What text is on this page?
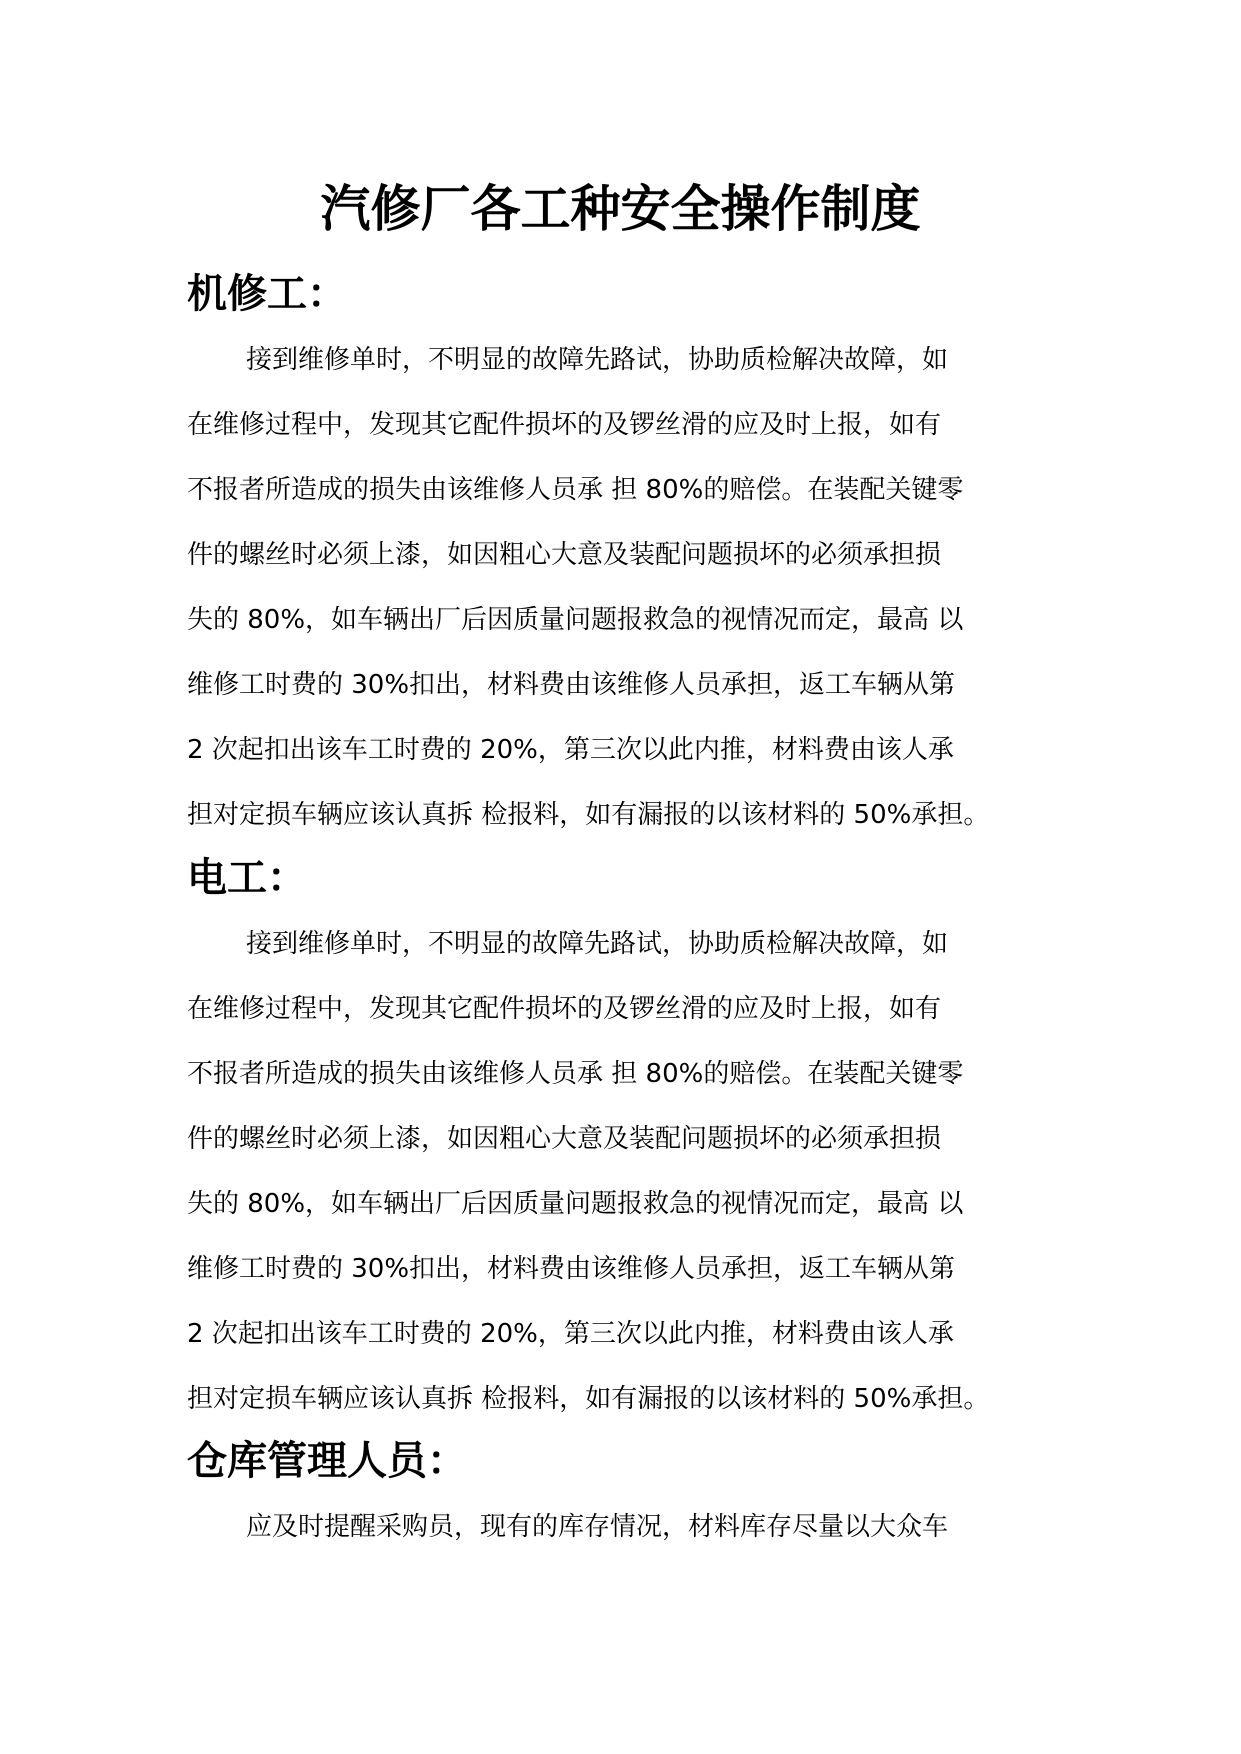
汽修厂各工种安全操作制度
机修工：
接到维修单时，不明显的故障先路试，协助质检解决故障，如
在维修过程中，发现其它配件损坏的及锣丝滑的应及时上报，如有
不报者所造成的损失由该维修人员承 担 80%的赔偿。在装配关键零
件的螺丝时必须上漆，如因粗心大意及装配问题损坏的必须承担损
失的 80%，如车辆出厂后因质量问题报救急的视情况而定，最高 以
维修工时费的 30%扣出，材料费由该维修人员承担，返工车辆从第
2 次起扣出该车工时费的 20%，第三次以此内推，材料费由该人承
担对定损车辆应该认真拆 检报料，如有漏报的以该材料的 50%承担。
电工：
接到维修单时，不明显的故障先路试，协助质检解决故障，如
在维修过程中，发现其它配件损坏的及锣丝滑的应及时上报，如有
不报者所造成的损失由该维修人员承 担 80%的赔偿。在装配关键零
件的螺丝时必须上漆，如因粗心大意及装配问题损坏的必须承担损
失的 80%，如车辆出厂后因质量问题报救急的视情况而定，最高 以
维修工时费的 30%扣出，材料费由该维修人员承担，返工车辆从第
2 次起扣出该车工时费的 20%，第三次以此内推，材料费由该人承
担对定损车辆应该认真拆 检报料，如有漏报的以该材料的 50%承担。
仓库管理人员：
应及时提醒采购员，现有的库存情况，材料库存尽量以大众车
